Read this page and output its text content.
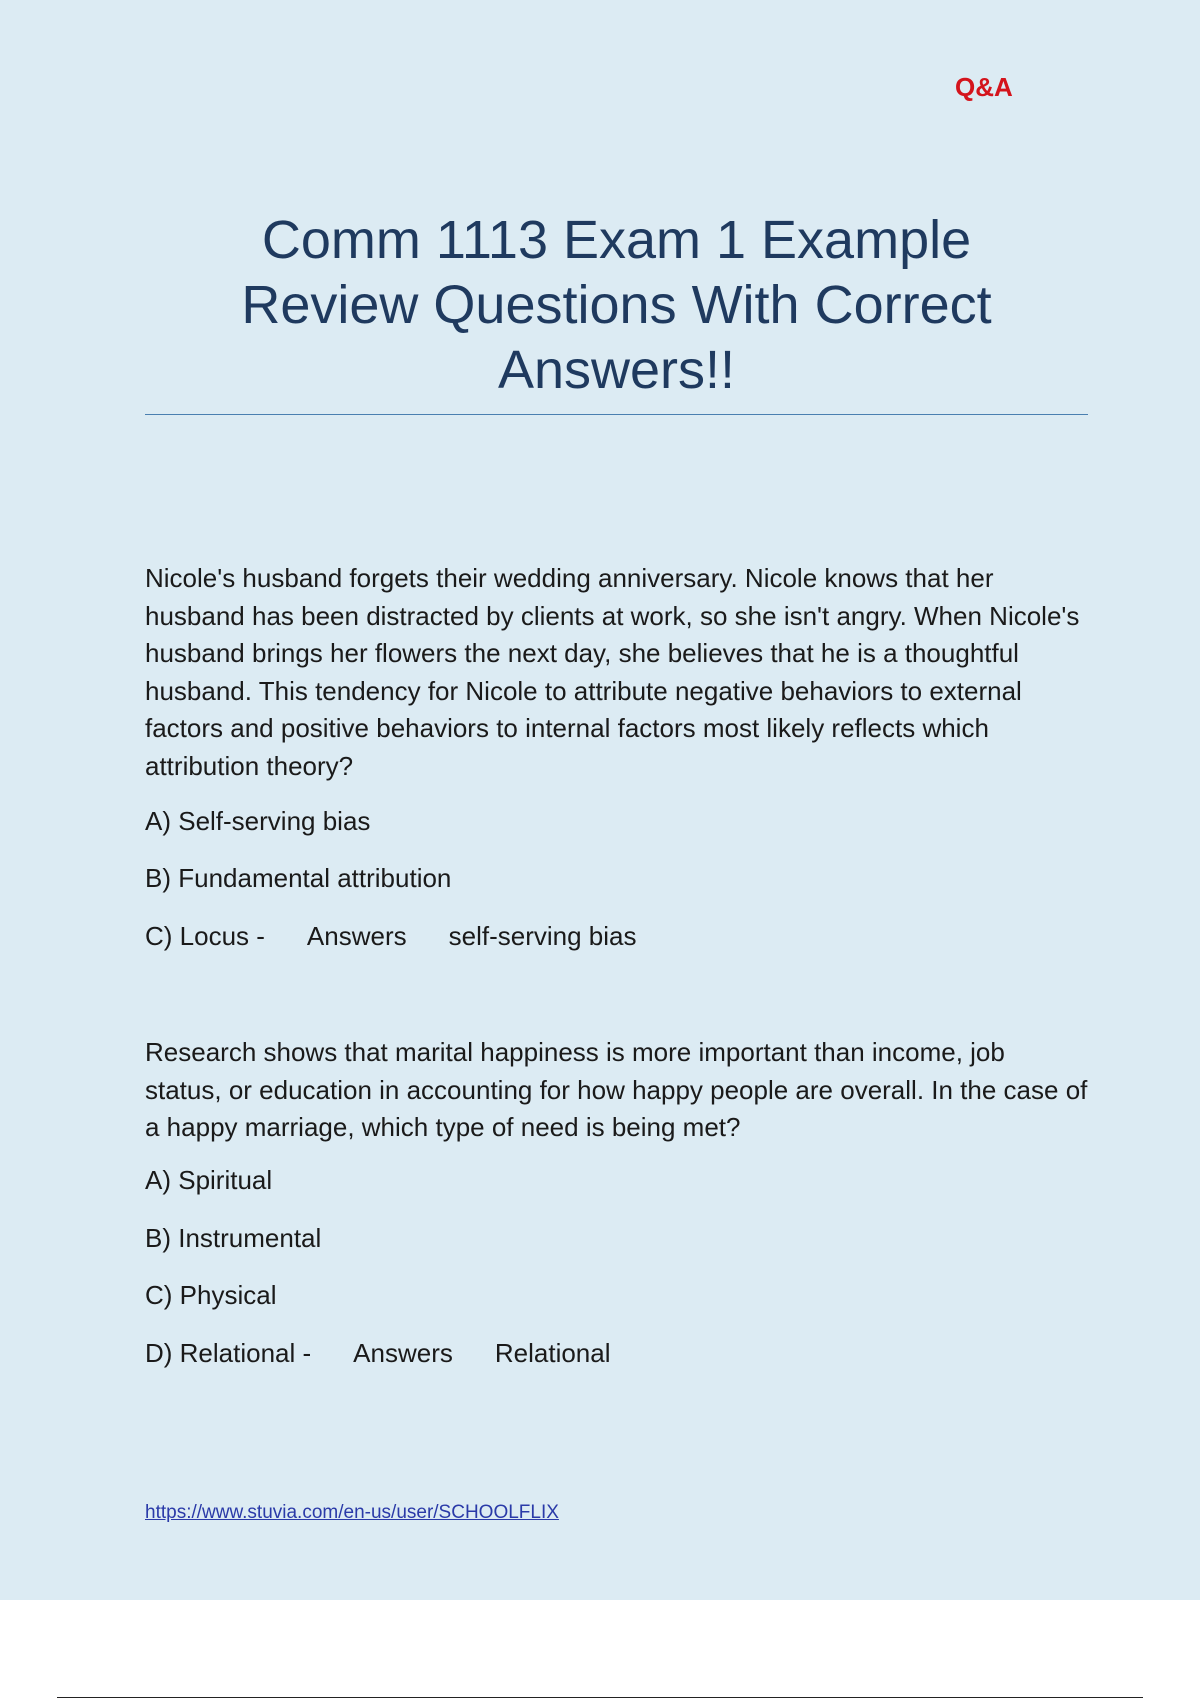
Q&A
Comm 1113 Exam 1 Example
Review Questions With Correct
Answers!!

Nicole's husband forgets their wedding anniversary. Nicole knows that her husband has been distracted by clients at work, so she isn't angry. When Nicole's husband brings her flowers the next day, she believes that he is a thoughtful husband. This tendency for Nicole to attribute negative behaviors to external factors and positive behaviors to internal factors most likely reflects which attribution theory?

A) Self-serving bias

B) Fundamental attribution

C) Locus - Answers self-serving bias

Research shows that marital happiness is more important than income, job status, or education in accounting for how happy people are overall. In the case of a happy marriage, which type of need is being met?

A) Spiritual

B) Instrumental

C) Physical

D) Relational - Answers Relational

https://www.stuvia.com/en-us/user/SCHOOLFLIX
